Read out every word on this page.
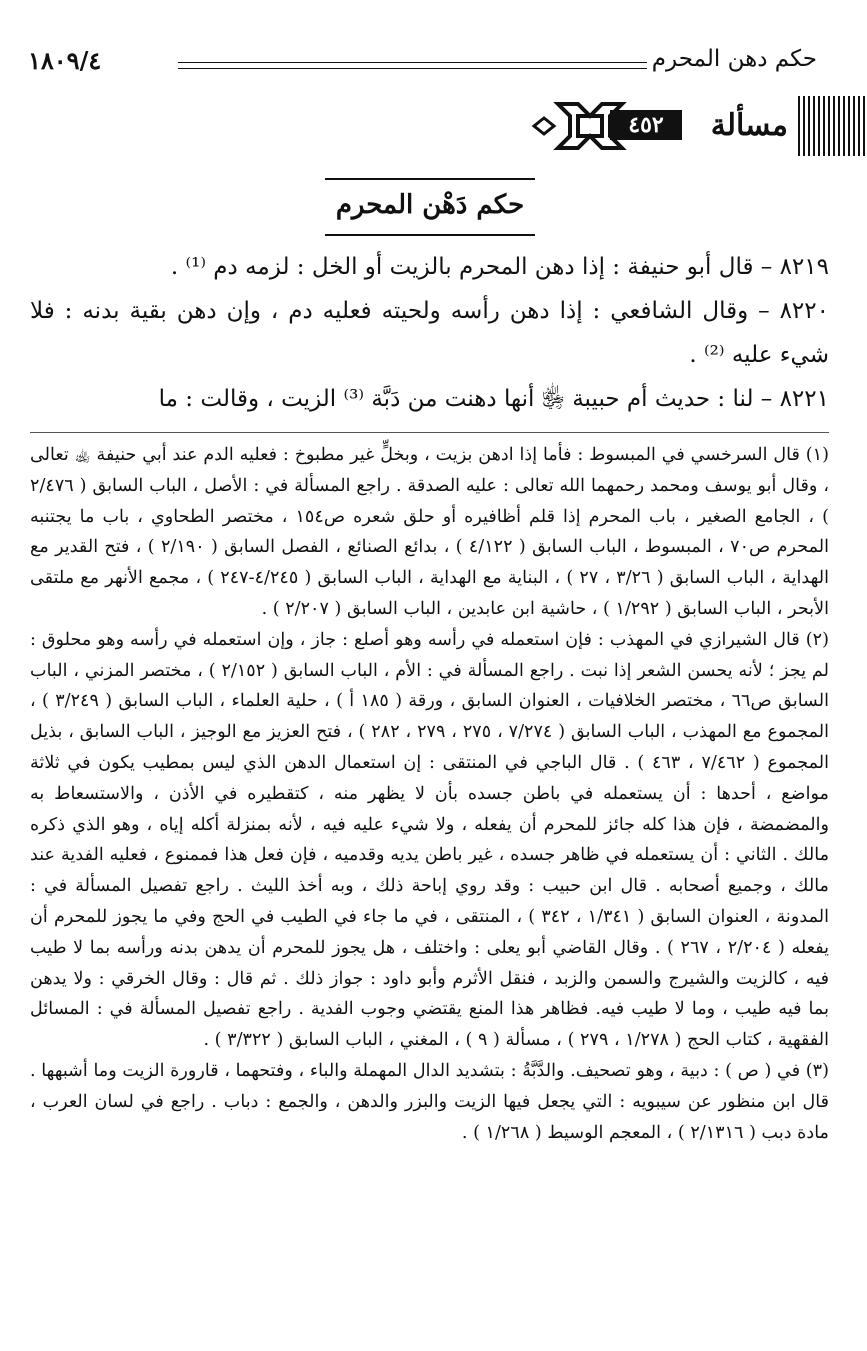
حكم دهن المحرم
١٨٠٩/٤
٤٥٢	مسألة
حكم دَهْن المحرم

٨٢١٩ – قال أبو حنيفة : إذا دهن المحرم بالزيت أو الخل : لزمه دم ⁽¹⁾ .

٨٢٢٠ – وقال الشافعي : إذا دهن رأسه ولحيته فعليه دم ، وإن دهن بقية بدنه : فلا شيء عليه ⁽²⁾ .

٨٢٢١ – لنا : حديث أم حبيبة ﵂ أنها دهنت من دَبَّة ⁽³⁾ الزيت ، وقالت : ما

(١) قال السرخسي في المبسوط : فأما إذا ادهن بزيت ، وبخلٍّ غير مطبوخ : فعليه الدم عند أبي حنيفة ﵀ تعالى ، وقال أبو يوسف ومحمد رحمهما الله تعالى : عليه الصدقة . راجع المسألة في : الأصل ، الباب السابق ( ٢/٤٧٦ ) ، الجامع الصغير ، باب المحرم إذا قلم أظافيره أو حلق شعره ص١٥٤ ، مختصر الطحاوي ، باب ما يجتنبه المحرم ص٧٠ ، المبسوط ، الباب السابق ( ٤/١٢٢ ) ، بدائع الصنائع ، الفصل السابق ( ٢/١٩٠ ) ، فتح القدير مع الهداية ، الباب السابق ( ٣/٢٦ ، ٢٧ ) ، البناية مع الهداية ، الباب السابق ( ٤/٢٤٥-٢٤٧ ) ، مجمع الأنهر مع ملتقى الأبحر ، الباب السابق ( ١/٢٩٢ ) ، حاشية ابن عابدين ، الباب السابق ( ٢/٢٠٧ ) .

(٢) قال الشيرازي في المهذب : فإن استعمله في رأسه وهو أصلع : جاز ، وإن استعمله في رأسه وهو محلوق : لم يجز ؛ لأنه يحسن الشعر إذا نبت . راجع المسألة في : الأم ، الباب السابق ( ٢/١٥٢ ) ، مختصر المزني ، الباب السابق ص٦٦ ، مختصر الخلافيات ، العنوان السابق ، ورقة ( ١٨٥ أ ) ، حلية العلماء ، الباب السابق ( ٣/٢٤٩ ) ، المجموع مع المهذب ، الباب السابق ( ٧/٢٧٤ ، ٢٧٥ ، ٢٧٩ ، ٢٨٢ ) ، فتح العزيز مع الوجيز ، الباب السابق ، بذيل المجموع ( ٧/٤٦٢ ، ٤٦٣ ) . قال الباجي في المنتقى : إن استعمال الدهن الذي ليس بمطيب يكون في ثلاثة مواضع ، أحدها : أن يستعمله في باطن جسده بأن لا يظهر منه ، كتقطيره في الأذن ، والاستسعاط به والمضمضة ، فإن هذا كله جائز للمحرم أن يفعله ، ولا شيء عليه فيه ، لأنه بمنزلة أكله إياه ، وهو الذي ذكره مالك . الثاني : أن يستعمله في ظاهر جسده ، غير باطن يديه وقدميه ، فإن فعل هذا فممنوع ، فعليه الفدية عند مالك ، وجميع أصحابه . قال ابن حبيب : وقد روي إباحة ذلك ، وبه أخذ الليث . راجع تفصيل المسألة في : المدونة ، العنوان السابق ( ١/٣٤١ ، ٣٤٢ ) ، المنتقى ، في ما جاء في الطيب في الحج وفي ما يجوز للمحرم أن يفعله ( ٢/٢٠٤ ، ٢٦٧ ) . وقال القاضي أبو يعلى : واختلف ، هل يجوز للمحرم أن يدهن بدنه ورأسه بما لا طيب فيه ، كالزيت والشيرج والسمن والزبد ، فنقل الأثرم وأبو داود : جواز ذلك . ثم قال : وقال الخرقي : ولا يدهن بما فيه طيب ، وما لا طيب فيه. فظاهر هذا المنع يقتضي وجوب الفدية . راجع تفصيل المسألة في : المسائل الفقهية ، كتاب الحج ( ١/٢٧٨ ، ٢٧٩ ) ، مسألة ( ٩ ) ، المغني ، الباب السابق ( ٣/٣٢٢ ) .

(٣) في ( ص ) : دبية ، وهو تصحيف. والدَّبَّةُ : بتشديد الدال المهملة والباء ، وفتحهما ، قارورة الزيت وما أشبهها . قال ابن منظور عن سيبويه : التي يجعل فيها الزيت والبزر والدهن ، والجمع : دباب . راجع في لسان العرب ، مادة دبب ( ٢/١٣١٦ ) ، المعجم الوسيط ( ١/٢٦٨ ) .
